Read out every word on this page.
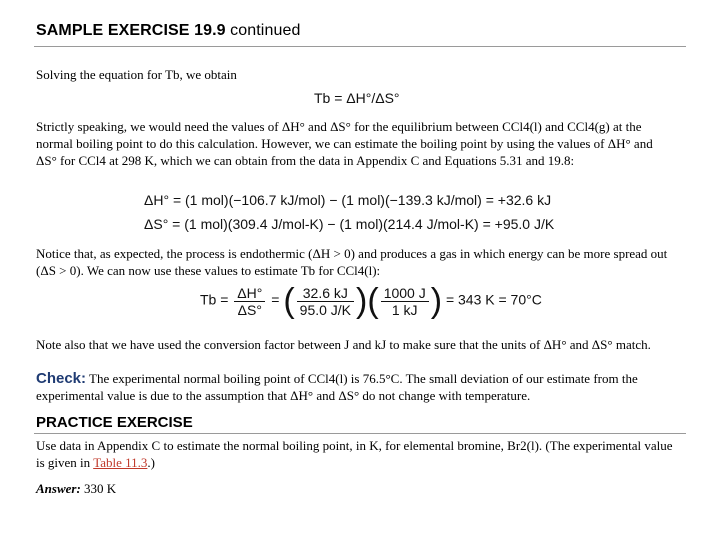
SAMPLE EXERCISE 19.9 continued

Solving the equation for Tb, we obtain

Tb = ΔH°/ΔS°

Strictly speaking, we would need the values of ΔH° and ΔS° for the equilibrium between CCl4(l) and CCl4(g) at the normal boiling point to do this calculation. However, we can estimate the boiling point by using the values of ΔH° and ΔS° for CCl4 at 298 K, which we can obtain from the data in Appendix C and Equations 5.31 and 19.8:

ΔH° = (1 mol)(−106.7 kJ/mol) − (1 mol)(−139.3 kJ/mol) = +32.6 kJ
ΔS° = (1 mol)(309.4 J/mol-K) − (1 mol)(214.4 J/mol-K) = +95.0 J/K

Notice that, as expected, the process is endothermic (ΔH > 0) and produces a gas in which energy can be more spread out (ΔS > 0). We can now use these values to estimate Tb for CCl4(l):

$Tb = \frac{\Delta H^\circ}{\Delta S^\circ}$ = ( $\frac{32.6 kJ}{95.0 J/K}$ )( $\frac{1000 J}{1 kJ}$ ) = 343 K = 70°C

Note also that we have used the conversion factor between J and kJ to make sure that the units of ΔH° and ΔS° match.

Check: The experimental normal boiling point of CCl4(l) is 76.5°C. The small deviation of our estimate from the experimental value is due to the assumption that ΔH° and ΔS° do not change with temperature.

PRACTICE EXERCISE

Use data in Appendix C to estimate the normal boiling point, in K, for elemental bromine, Br2(l). (The experimental value is given in Table 11.3.)

Answer: 330 K
